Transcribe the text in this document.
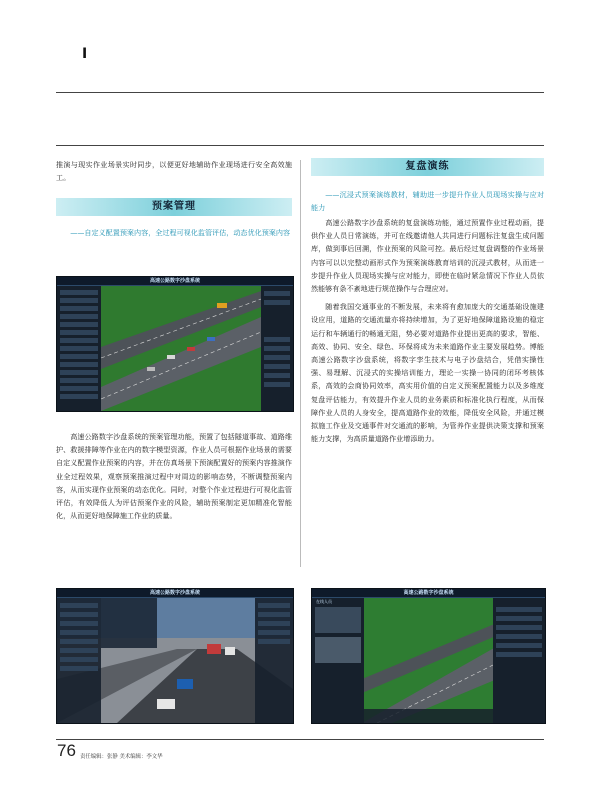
I

推演与现实作业场景实时同步，以便更好地辅助作业现场进行安全高效施工。

预案管理

——自定义配置预案内容，全过程可视化监管评估，动态优化预案内容

高速公路数字沙盘系统

高速公路数字沙盘系统的预案管理功能，预置了包括隧道事故、道路维护、救援排障等作业在内的数字模型资源，作业人员可根据作业场景的需要自定义配置作业预案的内容，并在仿真场景下预演配置好的预案内容推演作业全过程效果，观察预案推演过程中对周边的影响态势，不断调整预案内容，从而实现作业预案的动态优化。同时，对整个作业过程进行可视化监管评估，有效降低人为评估预案作业的风险，辅助预案制定更加精准化智能化，从而更好地保障施工作业的质量。

复盘演练

——沉浸式预案演练教材，辅助进一步提升作业人员现场实操与应对能力

高速公路数字沙盘系统的复盘演练功能，通过预置作业过程动画，提供作业人员日常演练，并可在线邀请他人共同进行问题标注复盘生成问题库，做到事后回溯，作业预案的风险可控。最后经过复盘调整的作业场景内容可以以完整动画形式作为预案演练教育培训的沉浸式教材，从而进一步提升作业人员现场实操与应对能力，即使在临时紧急情况下作业人员依然能够有条不紊地进行规范操作与合理应对。

随着我国交通事业的不断发展，未来将有愈加庞大的交通基础设施建设应用，道路的交通流量亦将持续增加，为了更好地保障道路设施的稳定运行和车辆通行的畅通无阻，势必要对道路作业提出更高的要求，智能、高效、协同、安全、绿色、环保将成为未来道路作业主要发展趋势。博能高速公路数字沙盘系统，将数字孪生技术与电子沙盘结合，凭借实操性强、易理解、沉浸式的实操培训能力，理论一实操一协同的闭环考核体系，高效的会商协同效率，高实用价值的自定义预案配置能力以及多维度复盘评估能力，有效提升作业人员的业务素质和标准化执行程度，从而保障作业人员的人身安全，提高道路作业的效能，降低安全风险，并通过模拟施工作业及交通事件对交通流的影响，为管养作业提供决策支撑和预案能力支撑，为高质量道路作业增添助力。

高速公路数字沙盘系统	高速公路数字沙盘系统
在线人员
76 责任编辑：张静 美术编辑：李文华
